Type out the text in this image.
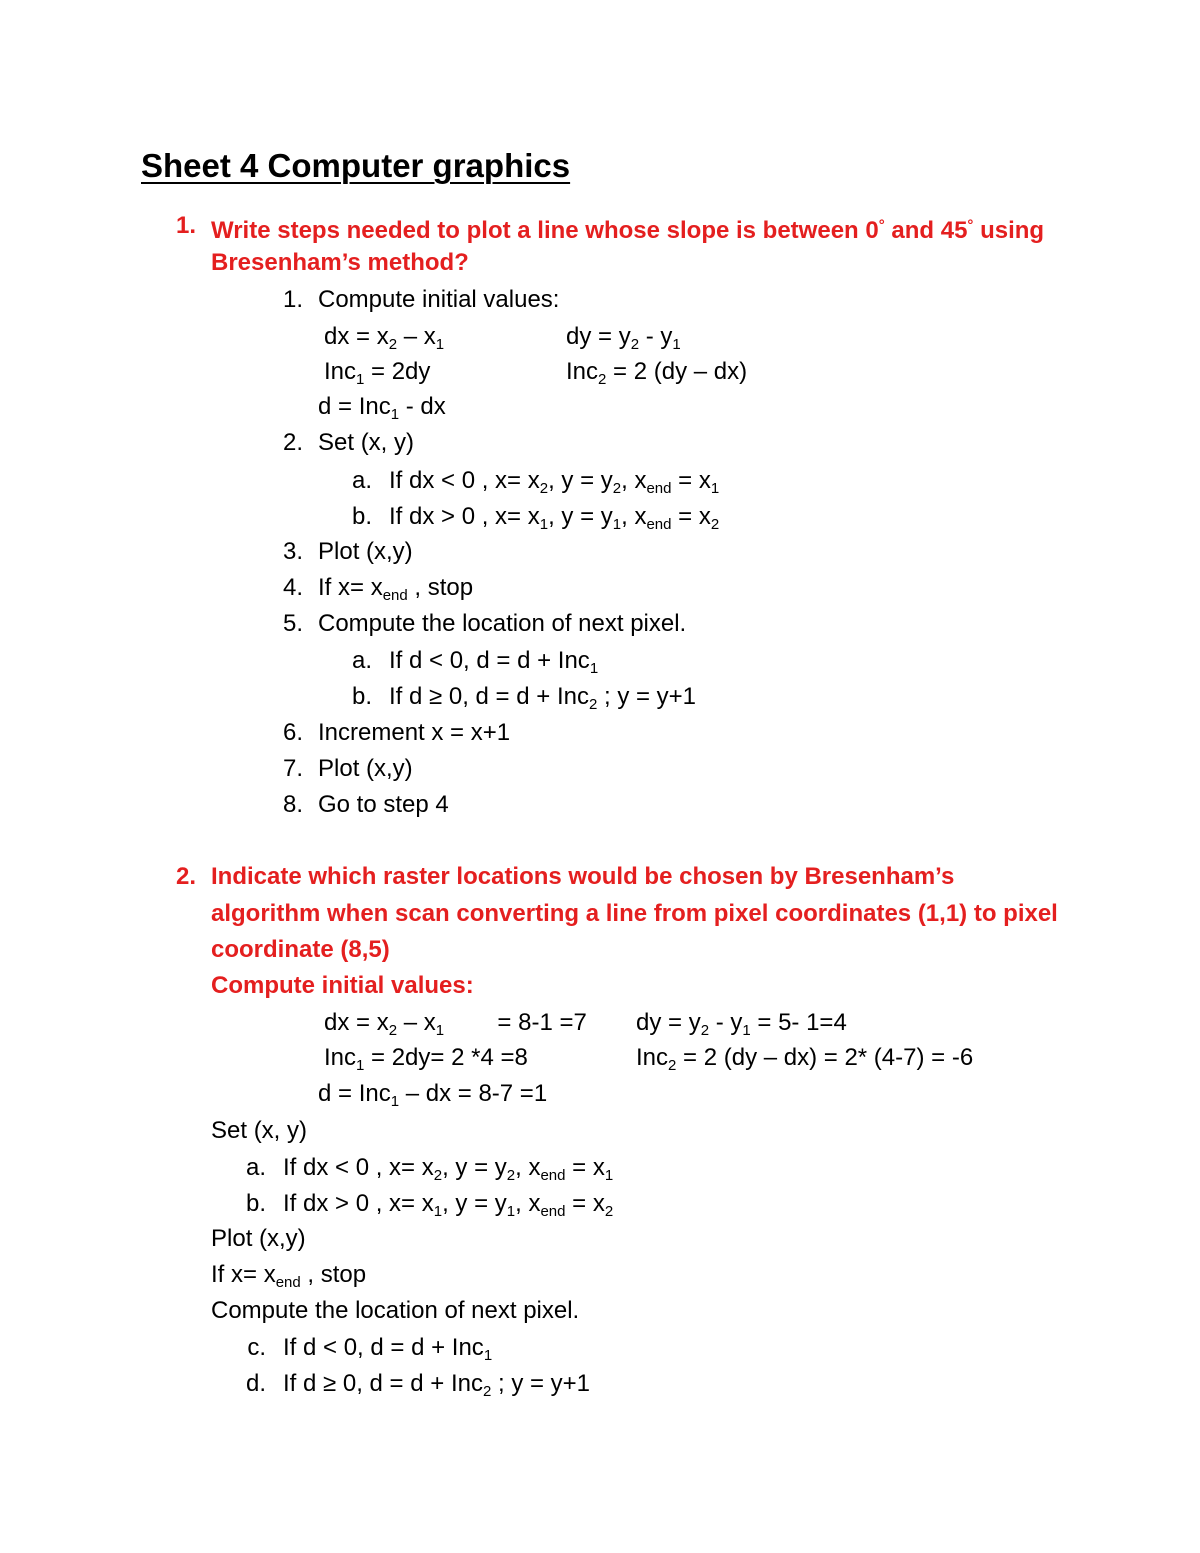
Sheet 4 Computer graphics
1. Write steps needed to plot a line whose slope is between 0° and 45° using
Bresenham’s method?
1. Compute initial values:
dx = $x_2 - x_1$	dy = $y_2 - y_1$
Inc$_1$ = 2dy	Inc$_2$ = 2 (dy – dx)
d = Inc$_1$ - dx
2. Set (x, y)
a. If dx < 0 , $x= x_2$, $y = y_2$, $x_{end} = x_1$
b. If dx > 0 , $x= x_1$, $y = y_1$, $x_{end} = x_2$
3. Plot (x,y)
4. If $x= x_{end}$ , stop
5. Compute the location of next pixel.
a. If d < 0, d = d + Inc$_1$
b. If d ≥ 0, d = d + Inc$_2$ ; y = y+1
6. Increment x = x+1
7. Plot (x,y)
8. Go to step 4
2. Indicate which raster locations would be chosen by Bresenham’s
algorithm when scan converting a line from pixel coordinates (1,1) to pixel
coordinate (8,5)
Compute initial values:
dx = $x_2 - x_1$        = 8-1 =7 dy = $y_2 - y_1 = 5-$ 1=4
Inc$_1$ = 2dy= 2 *4 =8	Inc$_2$ = 2 (dy – dx) = 2* (4-7) = -6
d = Inc$_1$ – dx = 8-7 =1
Set (x, y)
a. If dx < 0 , $x= x_2$, $y = y_2$, $x_{end} = x_1$
b. If dx > 0 , $x= x_1$, $y = y_1$, $x_{end} = x_2$
Plot (x,y)
If $x= x_{end}$ , stop
Compute the location of next pixel.
c. If d < 0, d = d + Inc$_1$
d. If d ≥ 0, d = d + Inc$_2$ ; y = y+1
